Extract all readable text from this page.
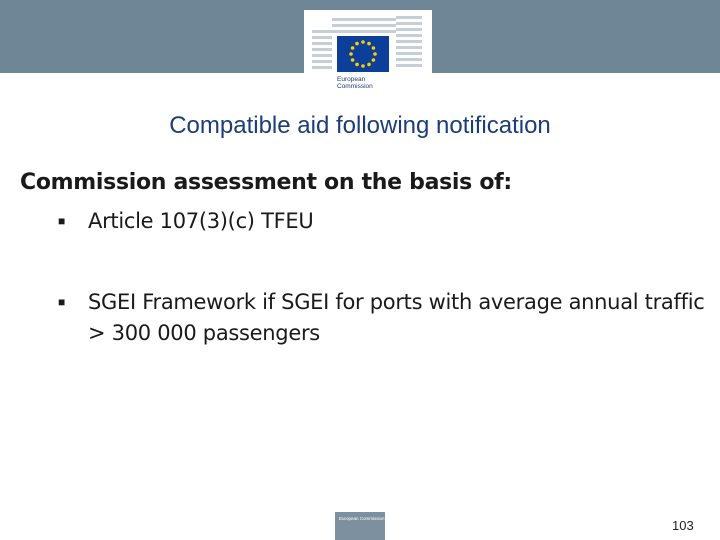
European
Commission
Compatible aid following notification
Commission assessment on the basis of:
■ Article 107(3)(c) TFEU
■ SGEI Framework if SGEI for ports with average annual traffic > 300 000 passengers
European Commission	103
